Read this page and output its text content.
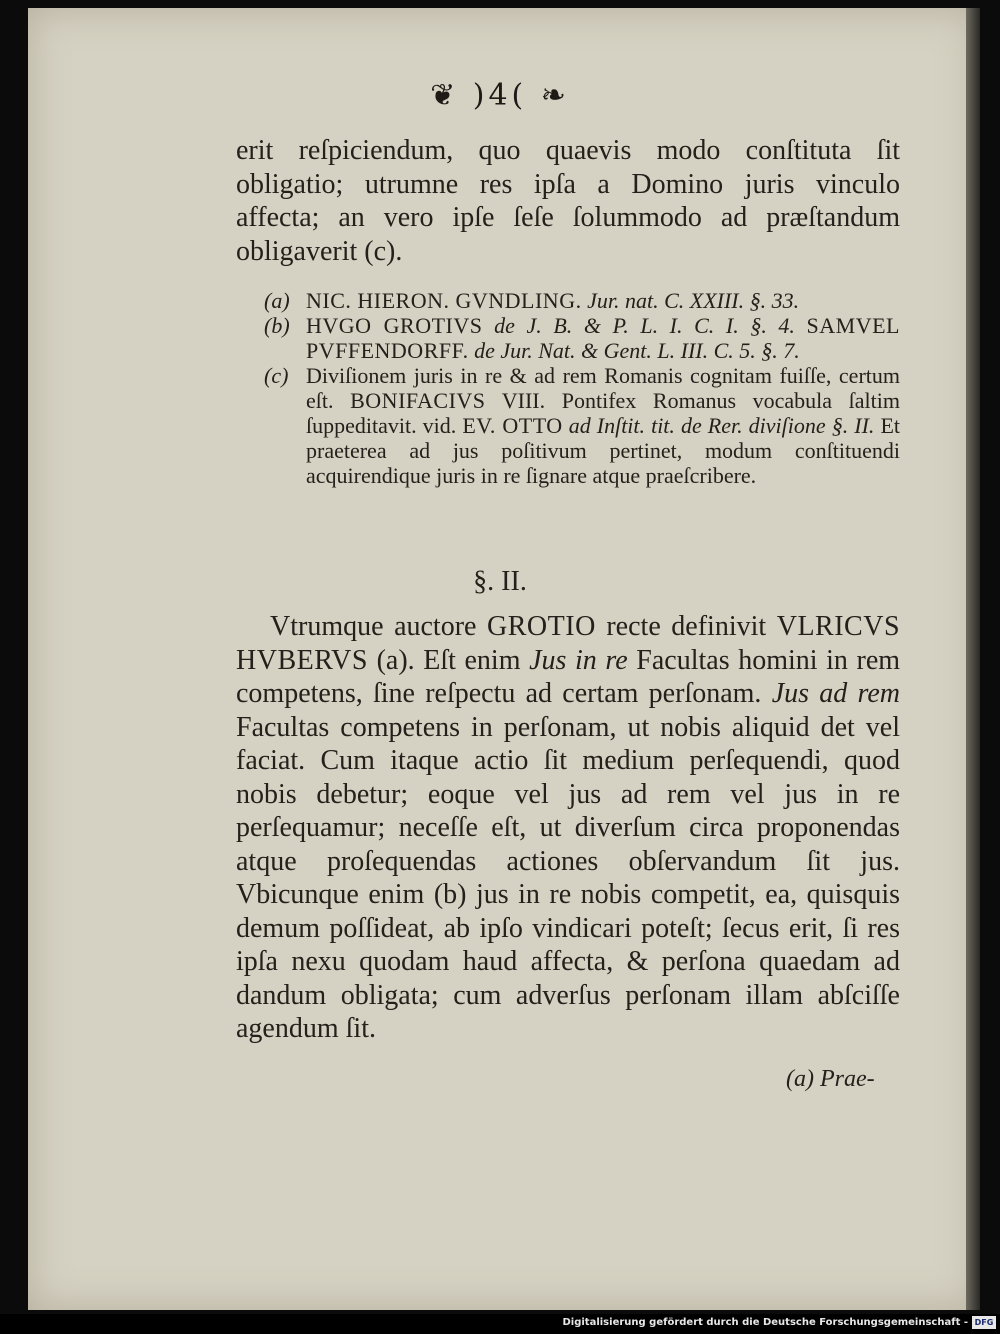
❦ )4( ❧
erit reſpiciendum, quo quaevis modo conſtituta ſit
obligatio; utrumne res ipſa a Domino juris vinculo
affecta; an vero ipſe ſeſe ſolummodo ad præſtandum
obligaverit (c).
(a) NIC. HIERON. GVNDLING. Jur. nat. C. XXIII. §. 33.
(b) HVGO GROTIVS de J. B. & P. L. I. C. I. §. 4. SAMVEL PVFFENDORFF. de Jur. Nat. & Gent. L. III. C. 5. §. 7.
(c) Diviſionem juris in re & ad rem Romanis cognitam fuiſſe, certum eſt. BONIFACIVS VIII. Pontifex Romanus vocabula ſaltim ſuppeditavit. vid. EV. OTTO ad Inſtit. tit. de Rer. diviſione §. II. Et praeterea ad jus poſitivum pertinet, modum conſtituendi acquirendique juris in re ſignare atque praeſcribere.
§. II.
Vtrumque auctore GROTIO recte definivit VLRICVS HVBERVS (a). Eſt enim Jus in re Facultas homini in rem competens, ſine reſpectu ad certam perſonam. Jus ad rem Facultas competens in perſonam, ut nobis aliquid det vel faciat. Cum itaque actio ſit medium perſequendi, quod nobis debetur; eoque vel jus ad rem vel jus in re perſequamur; neceſſe eſt, ut diverſum circa proponendas atque proſequendas actiones obſervandum ſit jus. Vbicunque enim (b) jus in re nobis competit, ea, quisquis demum poſſideat, ab ipſo vindicari poteſt; ſecus erit, ſi res ipſa nexu quodam haud affecta, & perſona quaedam ad dandum obligata; cum adverſus perſonam illam abſciſſe agendum ſit.
(a) Prae-
Digitalisierung gefördert durch die Deutsche Forschungsgemeinschaft - DFG
